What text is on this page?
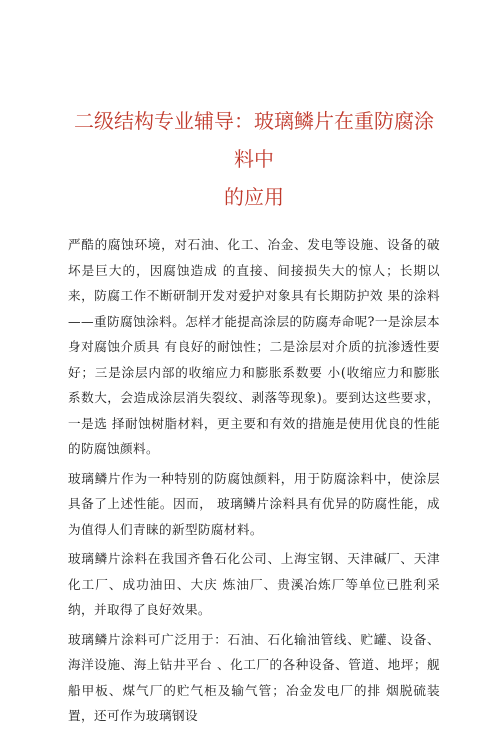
二级结构专业辅导：玻璃鳞片在重防腐涂料中
的应用

严酷的腐蚀环境，对石油、化工、冶金、发电等设施、设备的破坏是巨大的，因腐蚀造成 的直接、间接损失大的惊人；长期以来，防腐工作不断研制开发对爱护对象具有长期防护效 果的涂料——重防腐蚀涂料。怎样才能提高涂层的防腐寿命呢?一是涂层本身对腐蚀介质具 有良好的耐蚀性；二是涂层对介质的抗渗透性要好；三是涂层内部的收缩应力和膨胀系数要 小(收缩应力和膨胀系数大，会造成涂层消失裂纹、剥落等现象)。要到达这些要求，一是选 择耐蚀树脂材料，更主要和有效的措施是使用优良的性能的防腐蚀颜料。

玻璃鳞片作为一种特别的防腐蚀颜料，用于防腐涂料中，使涂层具备了上述性能。因而， 玻璃鳞片涂料具有优异的防腐性能，成为值得人们青睐的新型防腐材料。

玻璃鳞片涂料在我国齐鲁石化公司、上海宝钢、天津碱厂、天津化工厂、成功油田、大庆 炼油厂、贵溪冶炼厂等单位已胜利采纳，并取得了良好效果。

玻璃鳞片涂料可广泛用于：石油、石化输油管线、贮罐、设备、海洋设施、海上钻井平台 、化工厂的各种设备、管道、地坪；舰船甲板、煤气厂的贮气柜及输气管；冶金发电厂的排 烟脱硫装置，还可作为玻璃钢设
